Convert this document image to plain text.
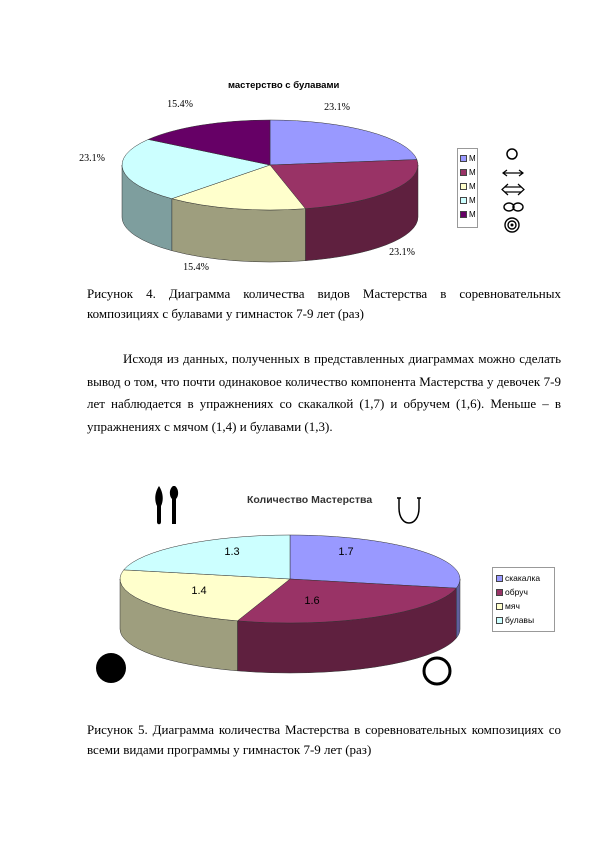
мастерство с булавами
23.1%
23.1%
15.4%
23.1%
15.4%
М
М
М
М
М
Рисунок 4. Диаграмма количества видов Мастерства в соревновательных композициях с булавами у гимнасток 7-9 лет (раз)
Исходя из данных, полученных в представленных диаграммах можно сделать вывод о том, что почти одинаковое количество компонента Мастерства у девочек 7-9 лет наблюдается в упражнениях со скакалкой (1,7) и обручем (1,6). Меньше – в упражнениях с мячом (1,4) и булавами (1,3).
Количество Мастерства
1.7
1.6
1.4
1.3
скакалка
обруч
мяч
булавы
Рисунок 5. Диаграмма количества Мастерства в соревновательных композициях со всеми видами программы у гимнасток 7-9 лет (раз)
